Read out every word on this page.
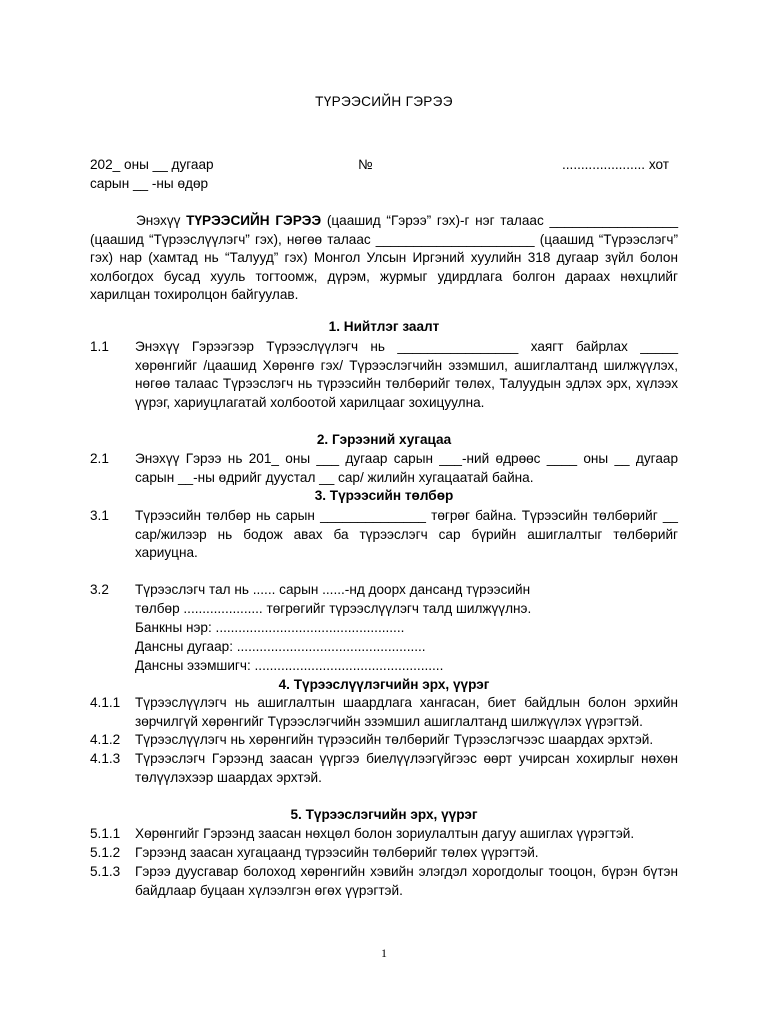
ТҮРЭЭСИЙН ГЭРЭЭ
202_ оны __ дугаар
сарын __ -ны өдөр
№	...................... хот
Энэхүү ТҮРЭЭСИЙН ГЭРЭЭ (цаашид “Гэрээ” гэх)-г нэг талаас _________________ (цаашид “Түрээслүүлэгч” гэх), нөгөө талаас _____________________ (цаашид “Түрээслэгч” гэх) нар (хамтад нь “Талууд” гэх) Монгол Улсын Иргэний хуулийн 318 дугаар зүйл болон холбогдох бусад хууль тогтоомж, дүрэм, журмыг удирдлага болгон дараах нөхцлийг харилцан тохиролцон байгуулав.
1. Нийтлэг заалт
1.1 Энэхүү Гэрээгээр Түрээслүүлэгч нь ________________ хаягт байрлах _____ хөрөнгийг /цаашид Хөрөнгө гэх/ Түрээслэгчийн эзэмшил, ашиглалтанд шилжүүлэх, нөгөө талаас Түрээслэгч нь түрээсийн төлбөрийг төлөх, Талуудын эдлэх эрх, хүлээх үүрэг, хариуцлагатай холбоотой харилцааг зохицуулна.
2. Гэрээний хугацаа
2.1 Энэхүү Гэрээ нь 201_ оны ___ дугаар сарын ___-ний өдрөөс ____ оны __ дугаар сарын __-ны өдрийг дуустал __ сар/ жилийн хугацаатай байна.
3. Түрээсийн төлбөр
3.1 Түрээсийн төлбөр нь сарын ______________ төгрөг байна. Түрээсийн төлбөрийг __ сар/жилээр нь бодож авах ба түрээслэгч сар бүрийн ашиглалтыг төлбөрийг хариуцна.
3.2 Түрээслэгч тал нь ...... сарын ......-нд доорх дансанд түрээсийн
төлбөр ..................... төгрөгийг түрээслүүлэгч талд шилжүүлнэ.
Банкны нэр: ..................................................
Дансны дугаар: ..................................................
Дансны эзэмшигч: ..................................................
4. Түрээслүүлэгчийн эрх, үүрэг
4.1.1 Түрээслүүлэгч нь ашиглалтын шаардлага хангасан, биет байдлын болон эрхийн зөрчилгүй хөрөнгийг Түрээслэгчийн эзэмшил ашиглалтанд шилжүүлэх үүрэгтэй.
4.1.2 Түрээслүүлэгч нь хөрөнгийн түрээсийн төлбөрийг Түрээслэгчээс шаардах эрхтэй.
4.1.3 Түрээслэгч Гэрээнд заасан үүргээ биелүүлээгүйгээс өөрт учирсан хохирлыг нөхөн төлүүлэхээр шаардах эрхтэй.
5. Түрээслэгчийн эрх, үүрэг
5.1.1 Хөрөнгийг Гэрээнд заасан нөхцөл болон зориулалтын дагуу ашиглах үүрэгтэй.
5.1.2 Гэрээнд заасан хугацаанд түрээсийн төлбөрийг төлөх үүрэгтэй.
5.1.3 Гэрээ дуусгавар болоход хөрөнгийн хэвийн элэгдэл хорогдолыг тооцон, бүрэн бүтэн байдлаар буцаан хүлээлгэн өгөх үүрэгтэй.
1
